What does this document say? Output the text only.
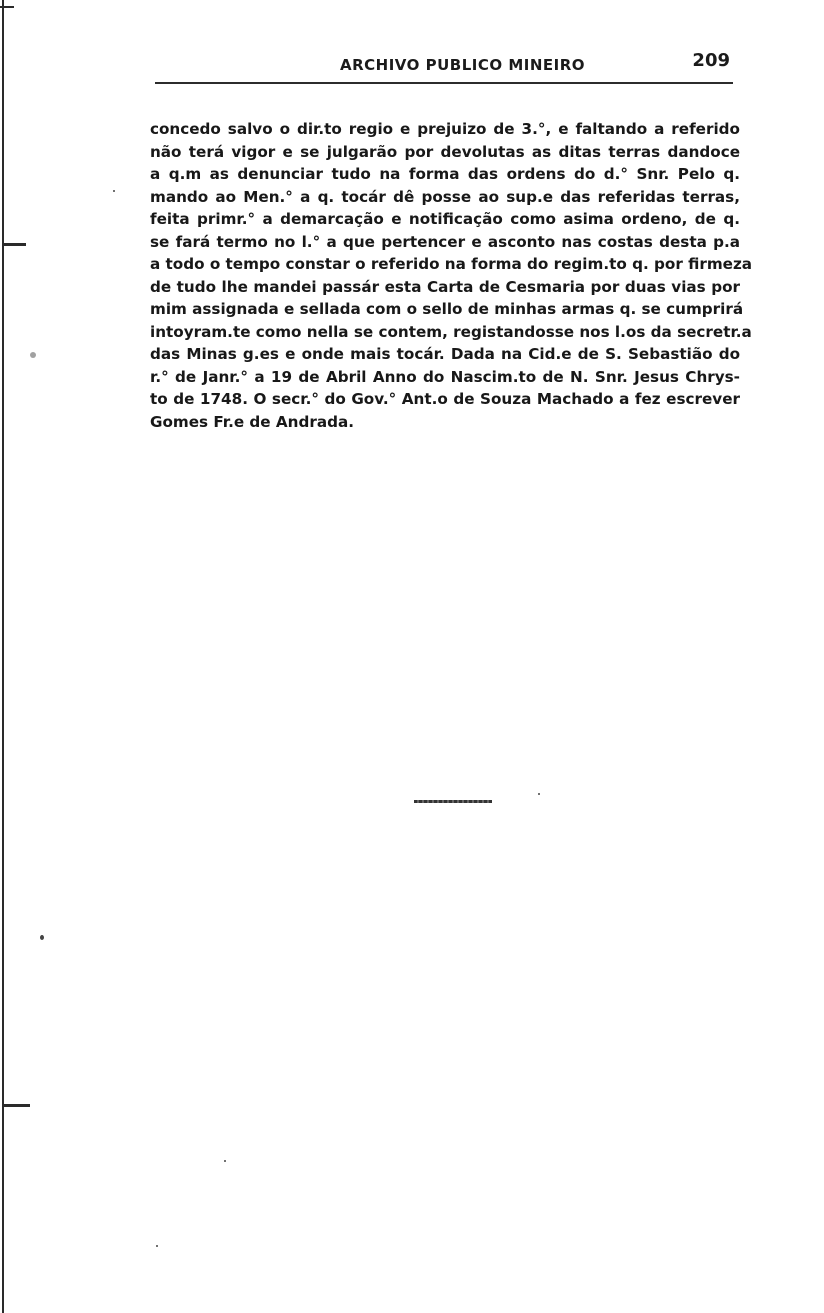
ARCHIVO PUBLICO MINEIRO	209
concedo salvo o dir.to regio e prejuizo de 3.°, e faltando a referido
não terá vigor e se julgarão por devolutas as ditas terras dandoce
a q.m as denunciar tudo na forma das ordens do d.° Snr. Pelo q.
mando ao Men.° a q. tocár dê posse ao sup.e das referidas terras,
feita primr.° a demarcação e notificação como asima ordeno, de q.
se fará termo no l.° a que pertencer e asconto nas costas desta p.a
a todo o tempo constar o referido na forma do regim.to q. por firmeza
de tudo lhe mandei passár esta Carta de Cesmaria por duas vias por
mim assignada e sellada com o sello de minhas armas q. se cumprirá
intoyram.te como nella se contem, registandosse nos l.os da secretr.a
das Minas g.es e onde mais tocár. Dada na Cid.e de S. Sebastião do
r.° de Janr.° a 19 de Abril Anno do Nascim.to de N. Snr. Jesus Chrys-
to de 1748. O secr.° do Gov.° Ant.o de Souza Machado a fez escrever
Gomes Fr.e de Andrada.
